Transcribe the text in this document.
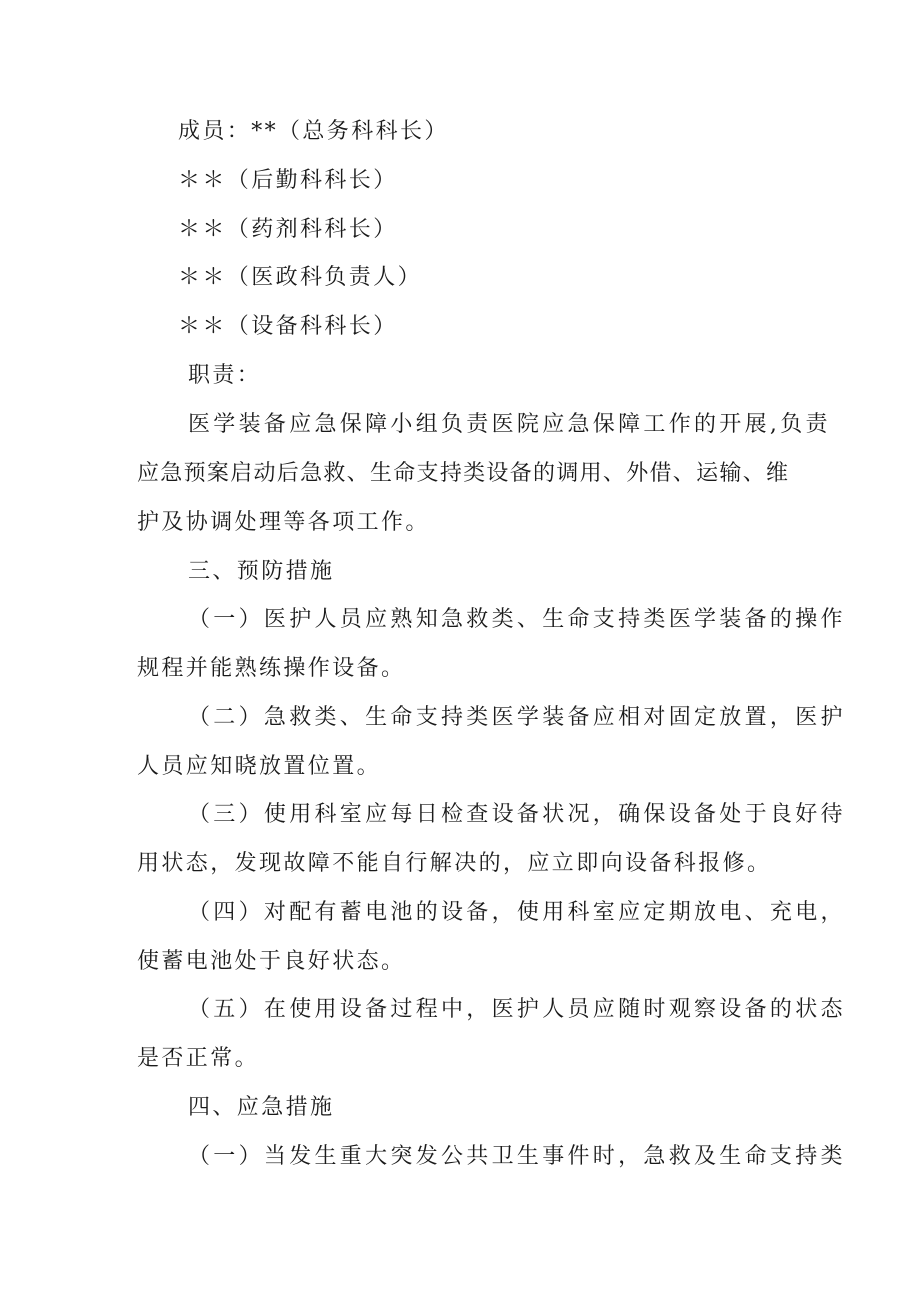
成员：**（总务科科长）
＊＊（后勤科科长）
＊＊（药剂科科长）
＊＊（医政科负责人）
＊＊（设备科科长）
职责：
医学装备应急保障小组负责医院应急保障工作的开展,负责
应急预案启动后急救、生命支持类设备的调用、外借、运输、维
护及协调处理等各项工作。
三、预防措施
（一）医护人员应熟知急救类、生命支持类医学装备的操作
规程并能熟练操作设备。
（二）急救类、生命支持类医学装备应相对固定放置，医护
人员应知晓放置位置。
（三）使用科室应每日检查设备状况，确保设备处于良好待
用状态，发现故障不能自行解决的，应立即向设备科报修。
（四）对配有蓄电池的设备，使用科室应定期放电、充电，
使蓄电池处于良好状态。
（五）在使用设备过程中，医护人员应随时观察设备的状态
是否正常。
四、应急措施
（一）当发生重大突发公共卫生事件时，急救及生命支持类
